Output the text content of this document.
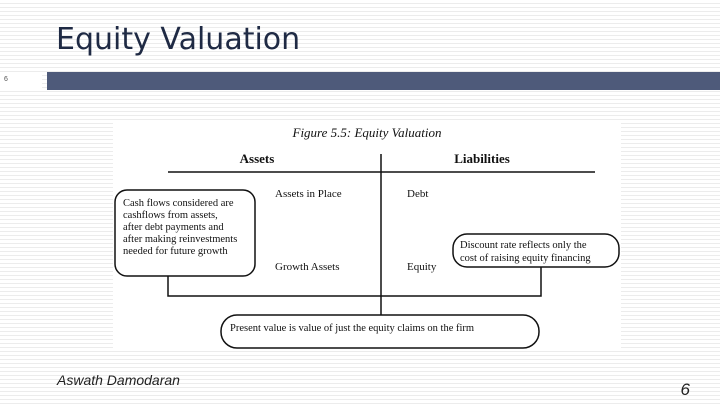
Equity Valuation
6
Figure 5.5: Equity Valuation
Assets	Liabilities
Assets in Place	Debt
Growth Assets	Equity
Cash flows considered are
cashflows from assets,
after debt payments and
after making reinvestments
needed for future growth
Discount rate reflects only the
cost of raising equity financing
Present value is value of just the equity claims on the firm
Aswath Damodaran	6
